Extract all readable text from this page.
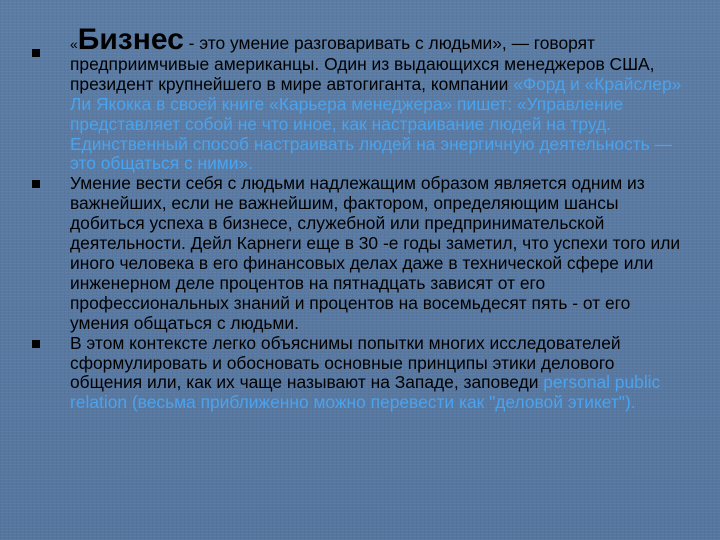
«Бизнес - это умение разговаривать с людьми», — говорят предприимчивые американцы. Один из выдающихся менеджеров США, президент крупнейшего в мире автогиганта, компании «Форд и «Крайслер» Ли Якокка в своей книге «Карьера менеджера» пишет: «Управление представляет собой не что иное, как настраивание людей на труд. Единственный способ настраивать людей на энергичную деятельность — это общаться с ними».
Умение вести себя с людьми надлежащим образом является одним из важнейших, если не важнейшим, фактором, определяющим шансы добиться успеха в бизнесе, служебной или предпринимательской деятельности. Дейл Карнеги еще в 30 -е годы заметил, что успехи того или иного человека в его финансовых делах даже в технической сфере или инженерном деле процентов на пятнадцать зависят от его профессиональных знаний и процентов на восемьдесят пять - от его умения общаться с людьми.
В этом контексте легко объяснимы попытки многих исследователей сформулировать и обосновать основные принципы этики делового общения или, как их чаще называют на Западе, заповеди personal public relation (весьма приближенно можно перевести как "деловой этикет").
